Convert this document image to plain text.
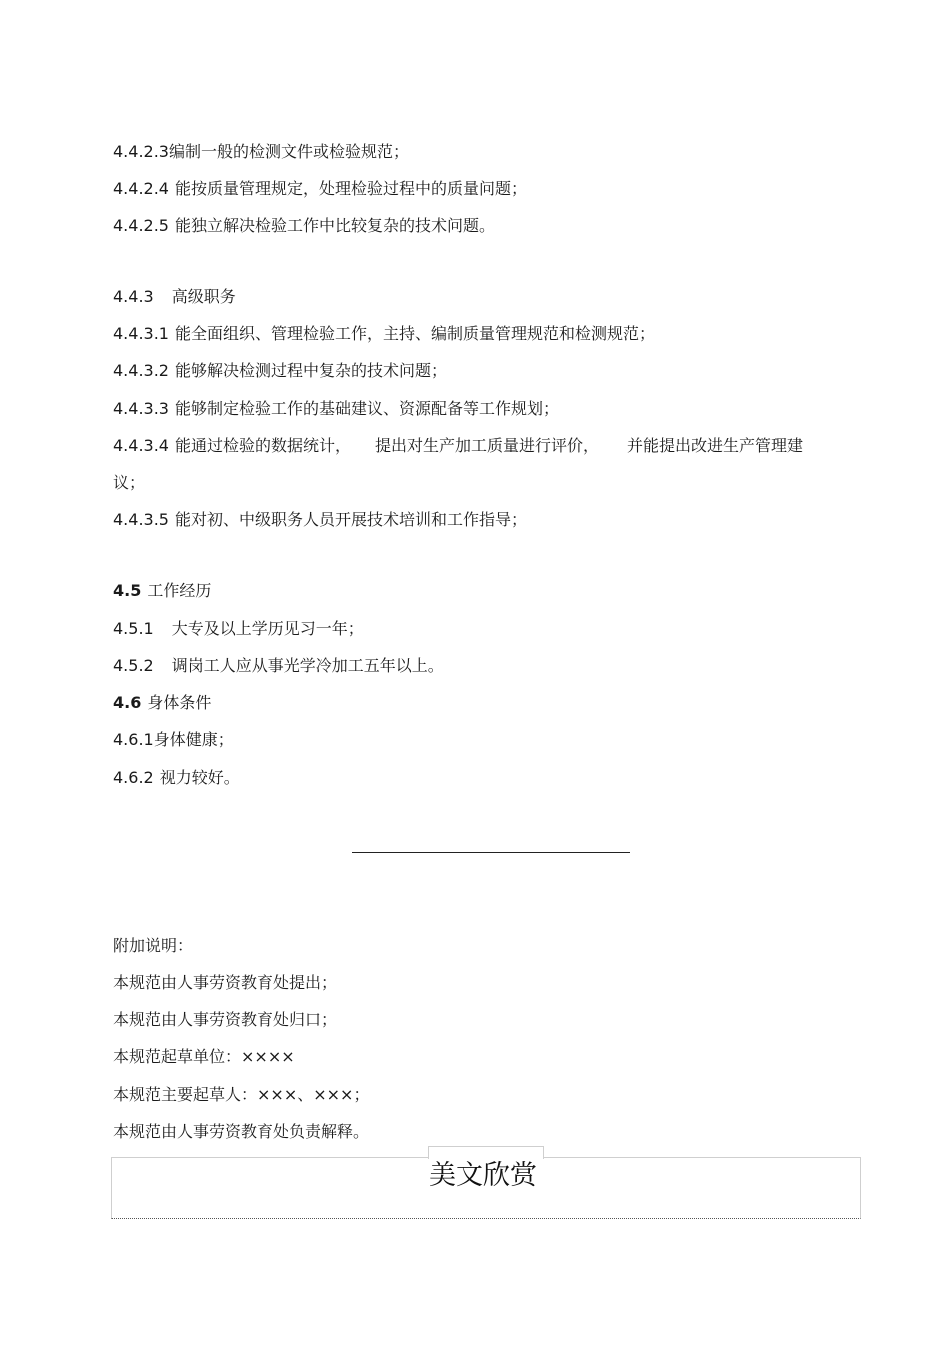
4.4.2.3编制一般的检测文件或检验规范；
4.4.2.4 能按质量管理规定，处理检验过程中的质量问题；
4.4.2.5 能独立解决检验工作中比较复杂的技术问题。
4.4.3 高级职务
4.4.3.1 能全面组织、管理检验工作，主持、编制质量管理规范和检测规范；
4.4.3.2 能够解决检测过程中复杂的技术问题；
4.4.3.3 能够制定检验工作的基础建议、资源配备等工作规划；
4.4.3.4 能通过检验的数据统计， 提出对生产加工质量进行评价， 并能提出改进生产管理建
议；
4.4.3.5 能对初、中级职务人员开展技术培训和工作指导；
4.5 工作经历
4.5.1 大专及以上学历见习一年；
4.5.2 调岗工人应从事光学冷加工五年以上。
4.6 身体条件
4.6.1身体健康；
4.6.2 视力较好。
附加说明：
本规范由人事劳资教育处提出；
本规范由人事劳资教育处归口；
本规范起草单位：××××
本规范主要起草人：×××、×××；
本规范由人事劳资教育处负责解释。
美文欣赏
